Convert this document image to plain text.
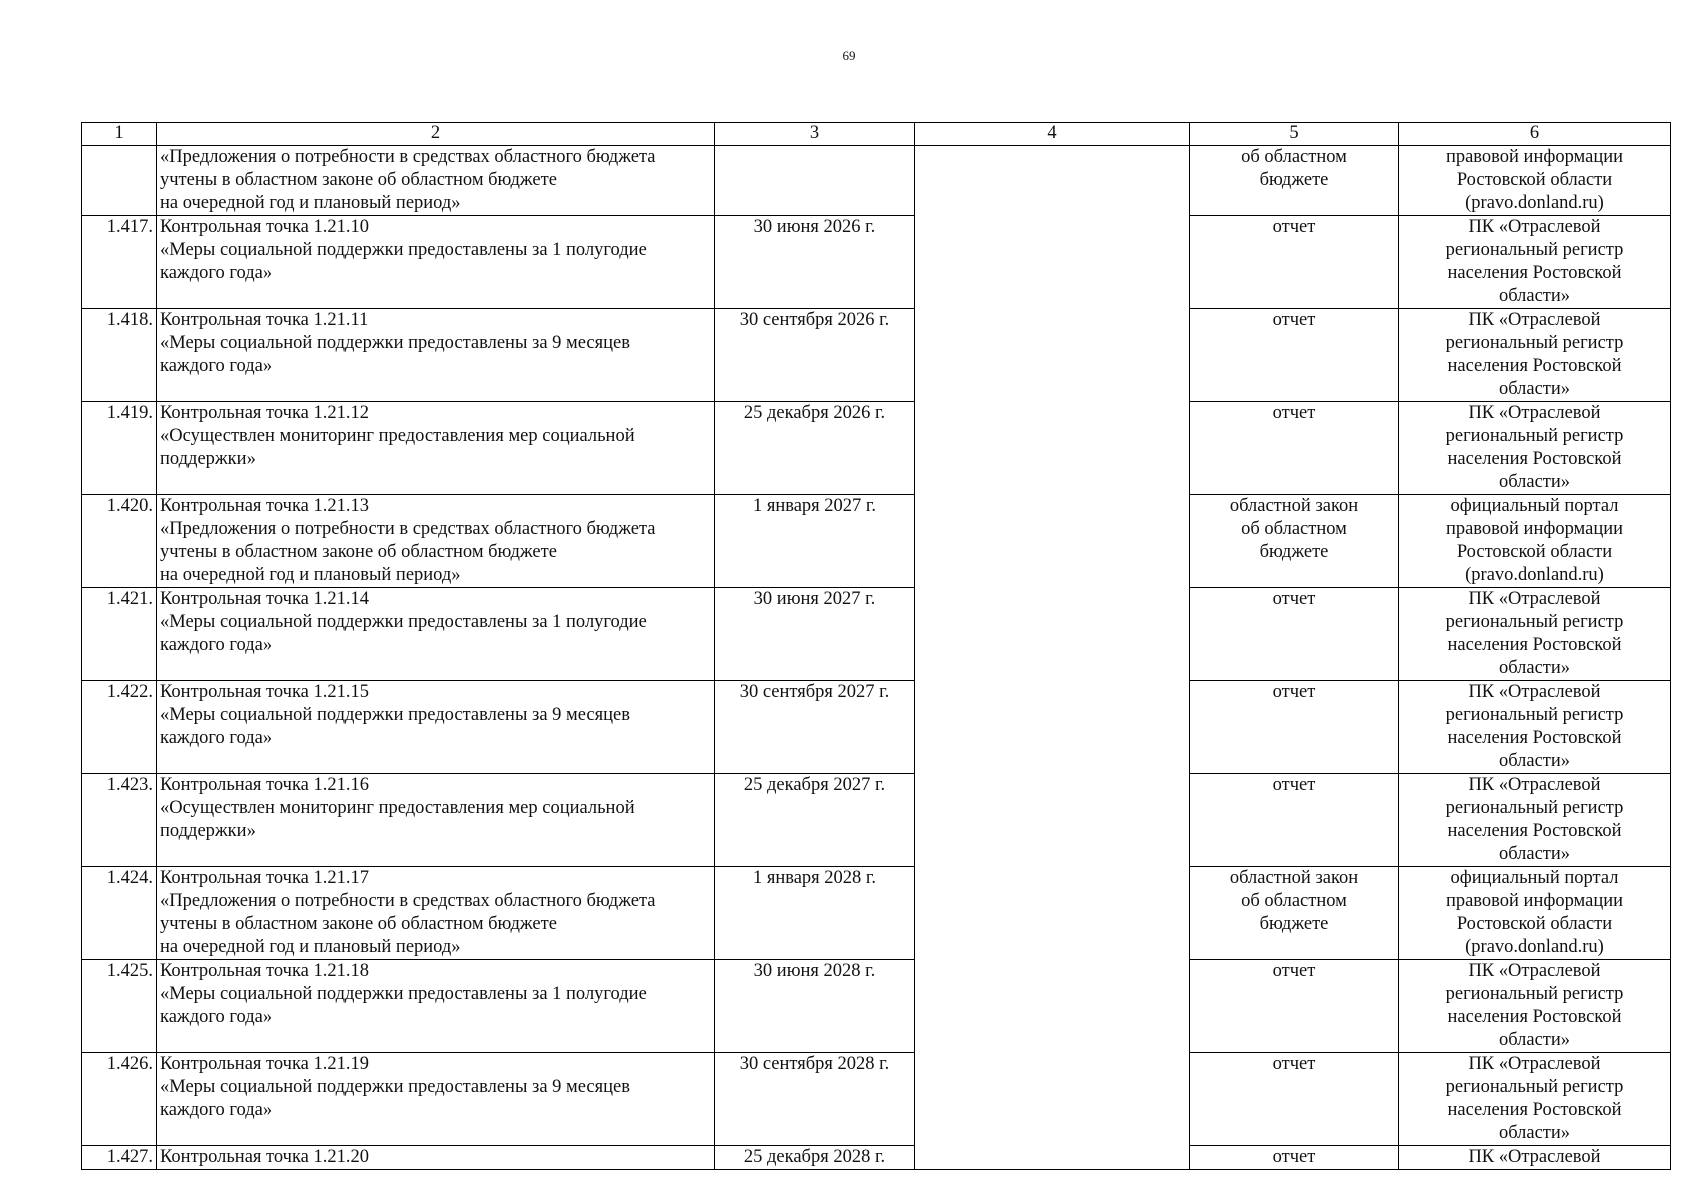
69
1	2	3	4	5	6

	«Предложения о потребности в средствах областного бюджета
учтены в областном законе об областном бюджете
на очередной год и плановый период»			об областном
бюджете	правовой информации
Ростовской области
(pravo.donland.ru)

1.417.	Контрольная точка 1.21.10
«Меры социальной поддержки предоставлены за 1 полугодие
каждого года»	30 июня 2026 г.		отчет	ПК «Отраслевой
региональный регистр
населения Ростовской
области»

1.418.	Контрольная точка 1.21.11
«Меры социальной поддержки предоставлены за 9 месяцев
каждого года»	30 сентября 2026 г.		отчет	ПК «Отраслевой
региональный регистр
населения Ростовской
области»

1.419.	Контрольная точка 1.21.12
«Осуществлен мониторинг предоставления мер социальной
поддержки»	25 декабря 2026 г.		отчет	ПК «Отраслевой
региональный регистр
населения Ростовской
области»

1.420.	Контрольная точка 1.21.13
«Предложения о потребности в средствах областного бюджета
учтены в областном законе об областном бюджете
на очередной год и плановый период»	1 января 2027 г.		областной закон
об областном
бюджете	официальный портал
правовой информации
Ростовской области
(pravo.donland.ru)

1.421.	Контрольная точка 1.21.14
«Меры социальной поддержки предоставлены за 1 полугодие
каждого года»	30 июня 2027 г.		отчет	ПК «Отраслевой
региональный регистр
населения Ростовской
области»

1.422.	Контрольная точка 1.21.15
«Меры социальной поддержки предоставлены за 9 месяцев
каждого года»	30 сентября 2027 г.		отчет	ПК «Отраслевой
региональный регистр
населения Ростовской
области»

1.423.	Контрольная точка 1.21.16
«Осуществлен мониторинг предоставления мер социальной
поддержки»	25 декабря 2027 г.		отчет	ПК «Отраслевой
региональный регистр
населения Ростовской
области»

1.424.	Контрольная точка 1.21.17
«Предложения о потребности в средствах областного бюджета
учтены в областном законе об областном бюджете
на очередной год и плановый период»	1 января 2028 г.		областной закон
об областном
бюджете	официальный портал
правовой информации
Ростовской области
(pravo.donland.ru)

1.425.	Контрольная точка 1.21.18
«Меры социальной поддержки предоставлены за 1 полугодие
каждого года»	30 июня 2028 г.		отчет	ПК «Отраслевой
региональный регистр
населения Ростовской
области»

1.426.	Контрольная точка 1.21.19
«Меры социальной поддержки предоставлены за 9 месяцев
каждого года»	30 сентября 2028 г.		отчет	ПК «Отраслевой
региональный регистр
населения Ростовской
области»

1.427.	Контрольная точка 1.21.20	25 декабря 2028 г.		отчет	ПК «Отраслевой
